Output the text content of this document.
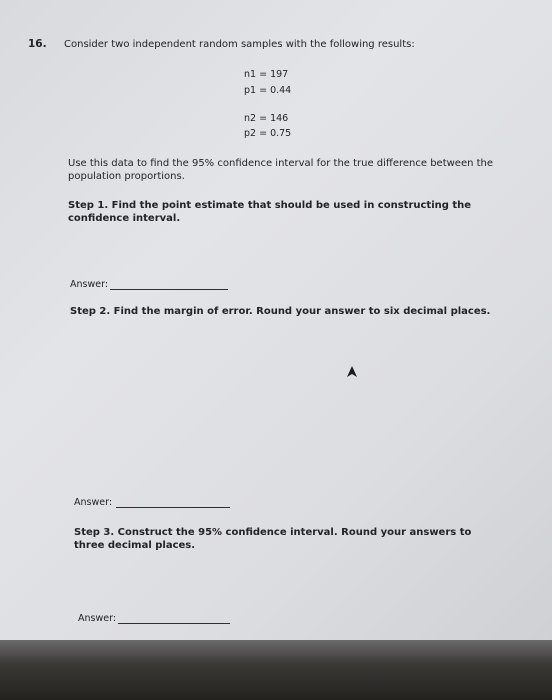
16. Consider two independent random samples with the following results:

n1 = 197

p1 = 0.44

n2 = 146

p2 = 0.75

Use this data to find the 95% confidence interval for the true difference between the population proportions.

Step 1. Find the point estimate that should be used in constructing the confidence interval.

Answer:

Step 2. Find the margin of error. Round your answer to six decimal places.

Answer:

Step 3. Construct the 95% confidence interval. Round your answers to three decimal places.

Answer:
